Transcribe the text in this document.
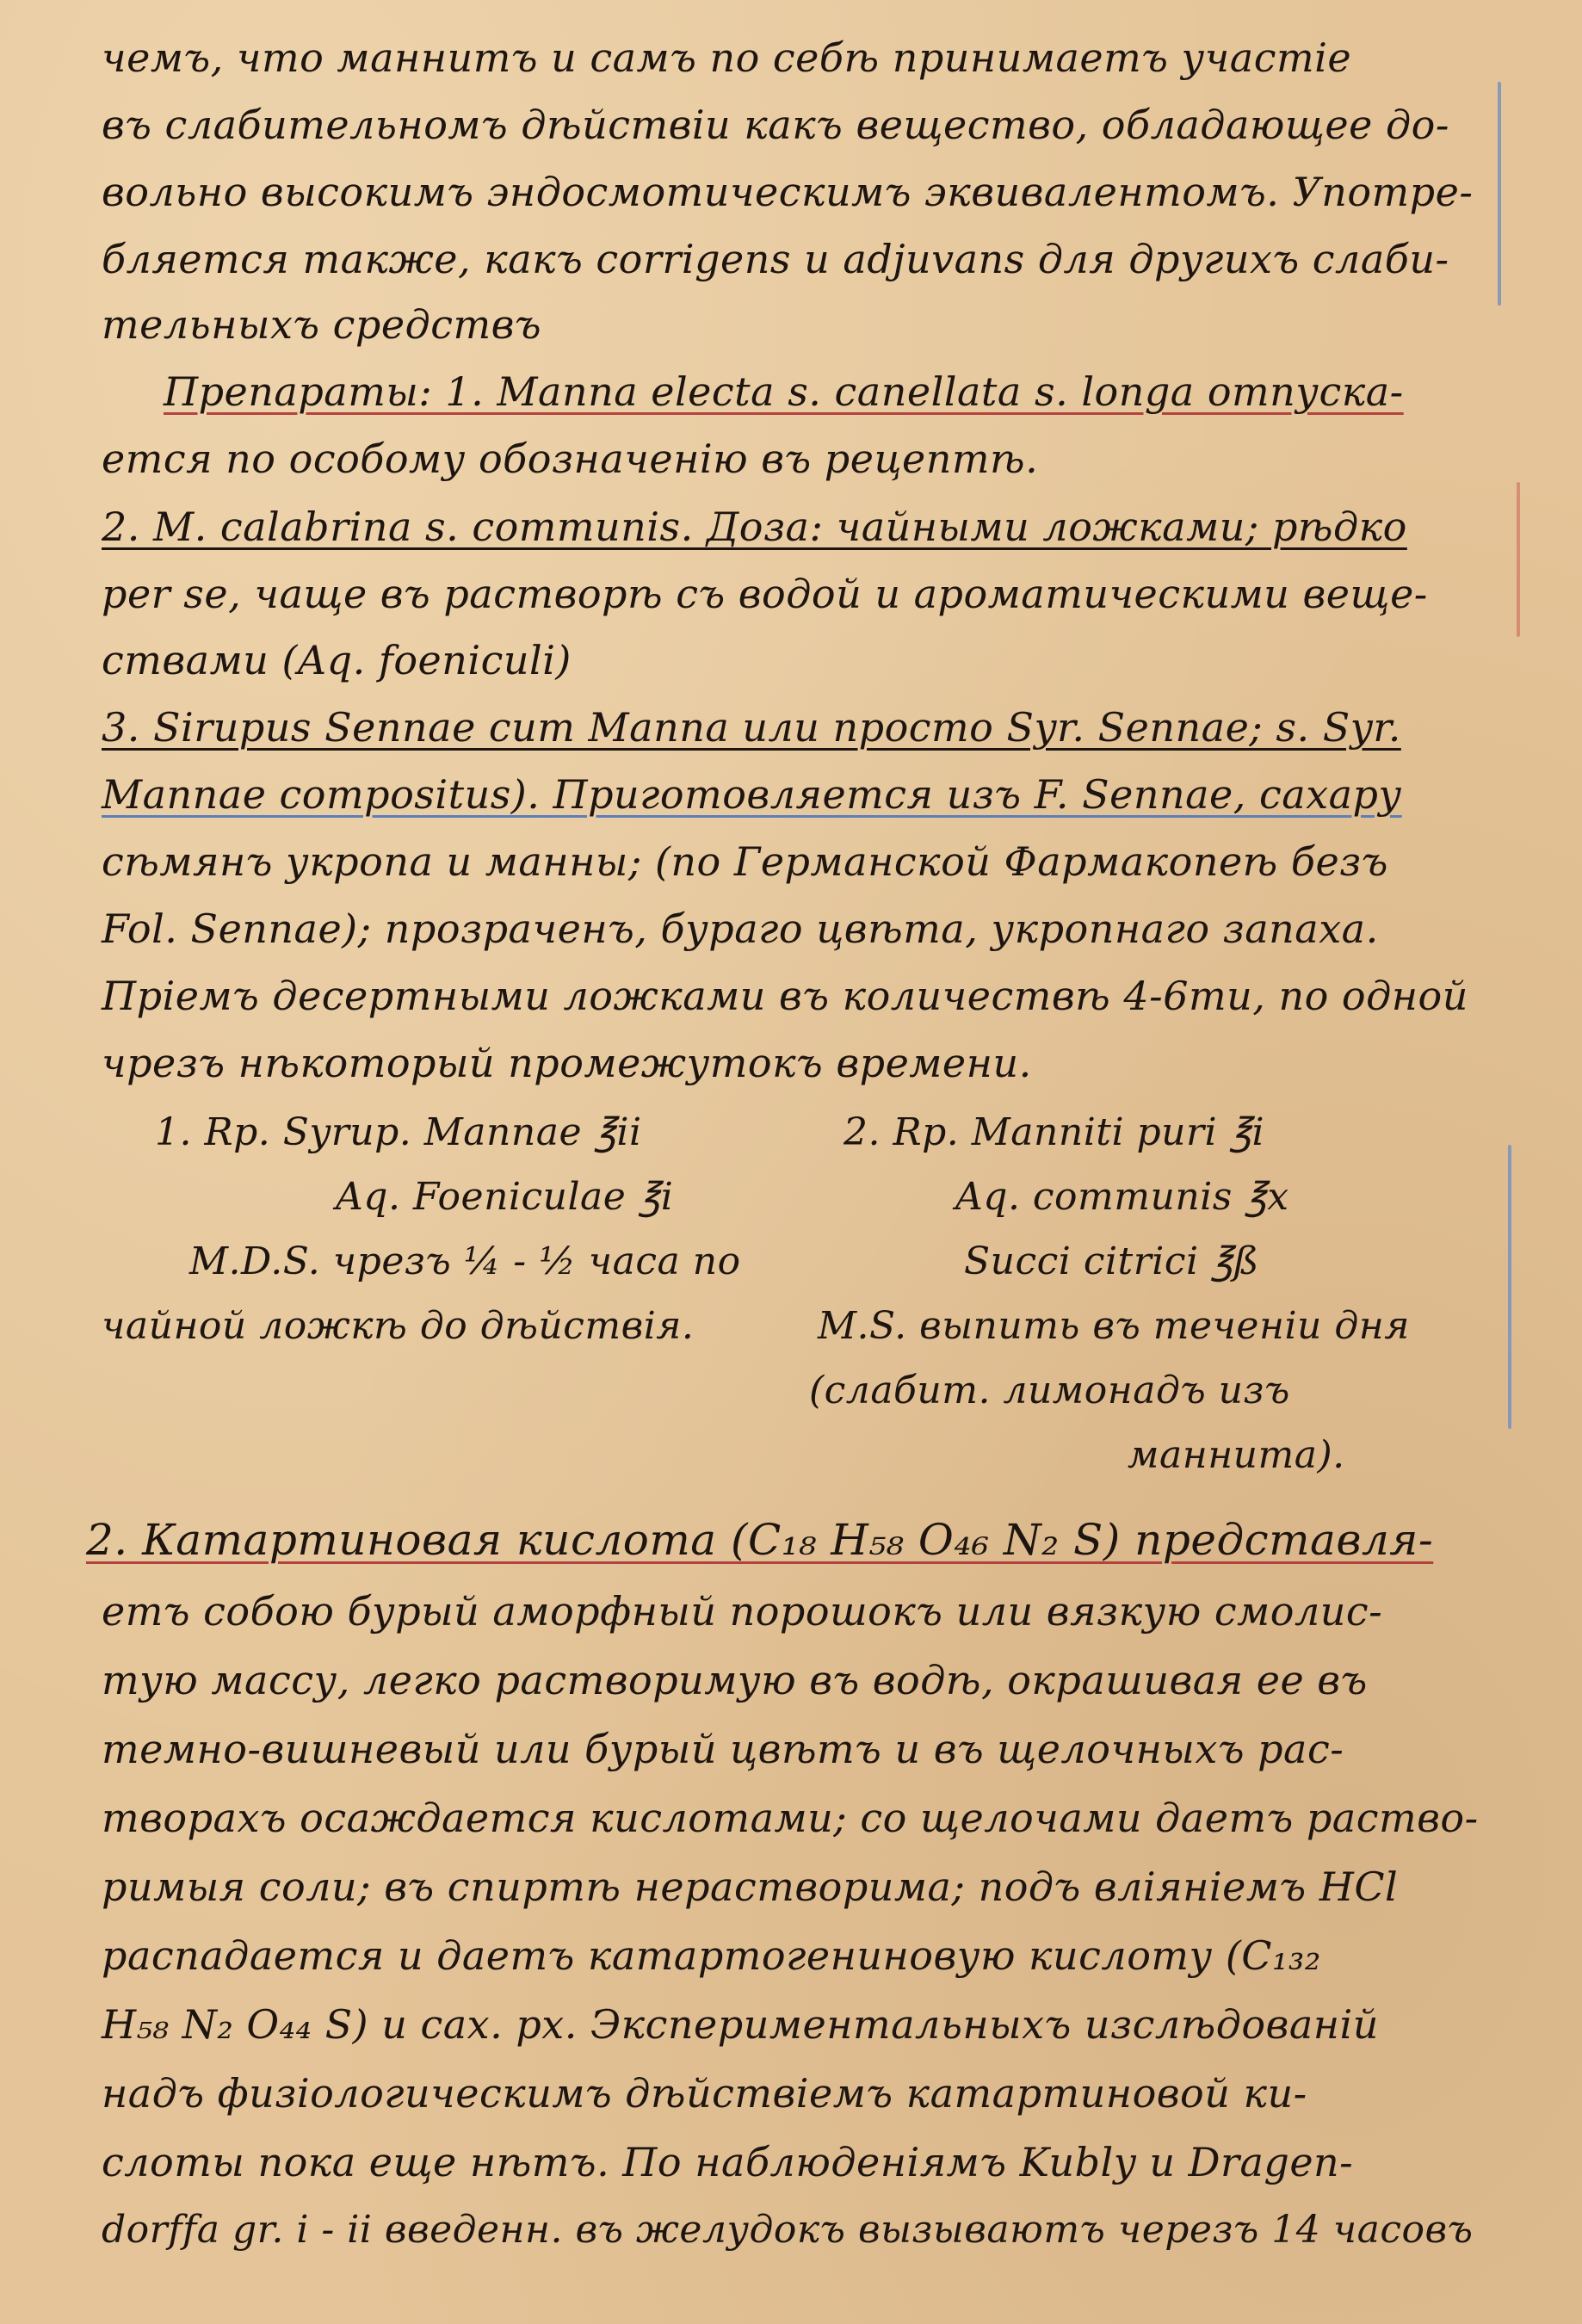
чемъ, что маннитъ и самъ по себѣ принимаетъ участіе
въ слабительномъ дѣйствіи какъ вещество, обладающее до-
вольно высокимъ эндосмотическимъ эквивалентомъ. Употре-
бляется также, какъ corrigens и adjuvans для другихъ слаби-
тельныхъ средствъ
Препараты: 1. Manna electa s. canellata s. longa отпуска-
ется по особому обозначенію въ рецептѣ.
2. M. calabrina s. communis. Доза: чайными ложками; рѣдко
per se, чаще въ растворѣ съ водой и ароматическими веще-
ствами (Aq. foeniculi)
3. Sirupus Sennae cum Manna или просто Syr. Sennae; s. Syr.
Mannae compositus). Приготовляется изъ F. Sennae, сахару
сѣмянъ укропа и манны; (по Германской Фармакопеѣ безъ
Fol. Sennae); прозраченъ, бураго цвѣта, укропнаго запаха.
Пріемъ десертными ложками въ количествѣ 4-6ти, по одной
чрезъ нѣкоторый промежутокъ времени.
1. Rp. Syrup. Mannae ℥ii
Aq. Foeniculae ℥i
M.D.S. чрезъ ¼ - ½ часа по
чайной ложкѣ до дѣйствія.
2. Rp. Manniti puri ℥i
Aq. communis ℥x
Succi citrici ℥ß
M.S. выпить въ теченіи дня
(слабит. лимонадъ изъ
маннита).
2. Катартиновая кислота (C₁₈ H₅₈ O₄₆ N₂ S) представля-
етъ собою бурый аморфный порошокъ или вязкую смолис-
тую массу, легко растворимую въ водѣ, окрашивая ее въ
темно-вишневый или бурый цвѣтъ и въ щелочныхъ рас-
творахъ осаждается кислотами; со щелочами даетъ раство-
римыя соли; въ спиртѣ нерастворима; подъ вліяніемъ HCl
распадается и даетъ катартогениновую кислоту (C₁₃₂
H₅₈ N₂ O₄₄ S) и сах. рх. Экспериментальныхъ изслѣдованій
надъ физіологическимъ дѣйствіемъ катартиновой ки-
слоты пока еще нѣтъ. По наблюденіямъ Kubly и Dragen-
dorffa gr. i - ii введенн. въ желудокъ вызываютъ черезъ 14 часовъ
